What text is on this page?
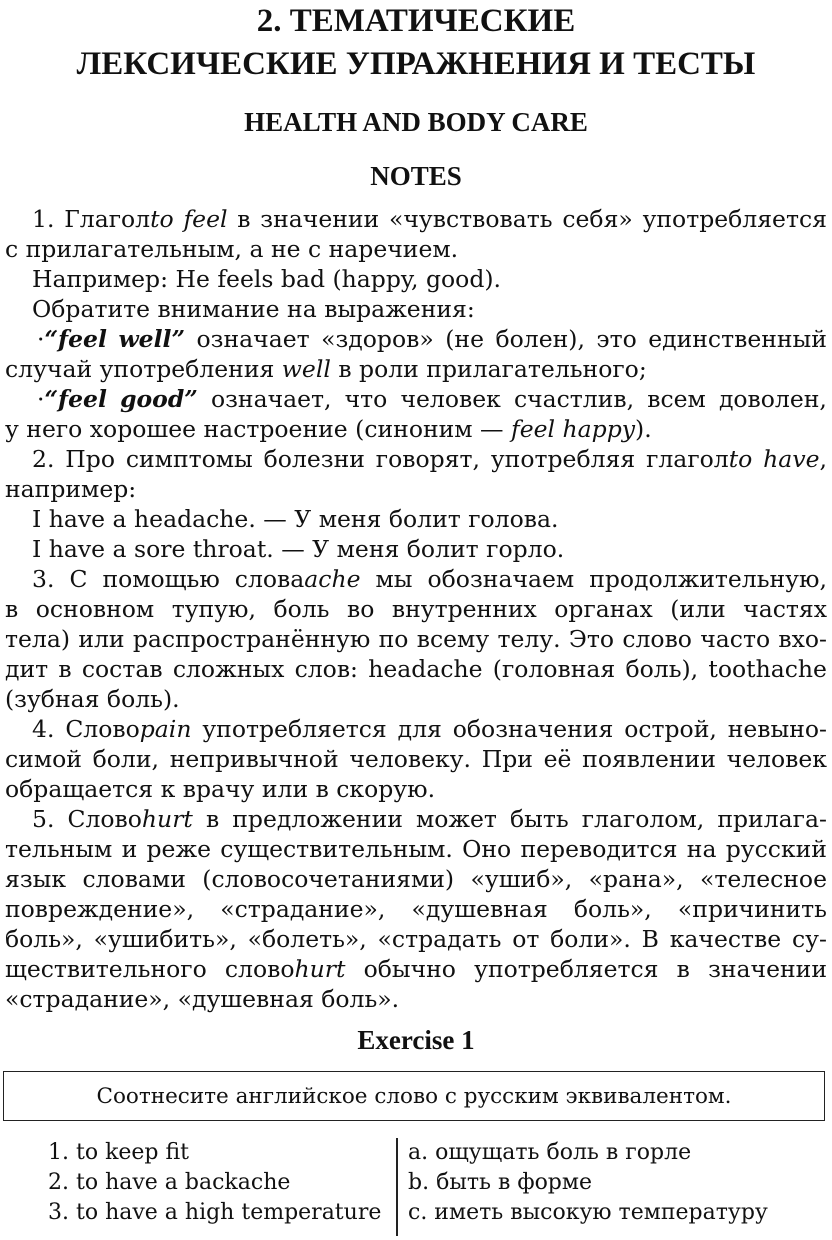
2. ТЕМАТИЧЕСКИЕ
ЛЕКСИЧЕСКИЕ УПРАЖНЕНИЯ И ТЕСТЫ
HEALTH AND BODY CARE
NOTES
1. Глаголto feel в значении «чувствовать себя» употребляется
с прилагательным, а не с наречием.
Например: He feels bad (happy, good).
Обратите внимание на выражения:
·“feel well” означает «здоров» (не болен), это единственный
случай употребления well в роли прилагательного;
·“feel good” означает, что человек счастлив, всем доволен,
у него хорошее настроение (синоним — feel happy ).
2. Про симптомы болезни говорят, употребляя глаголto have,
например:
I have a headache. — У меня болит голова.
I have a sore throat. — У меня болит горло.
3. С помощью словаache мы обозначаем продолжительную,
в основном тупую, боль во внутренних органах (или частях
тела) или распространённую по всему телу. Это слово часто вхо-
дит в состав сложных слов: headache (головная боль), toothache
(зубная боль).
4. Словоpain употребляется для обозначения острой, невыно-
симой боли, непривычной человеку. При её появлении человек
обращается к врачу или в скорую.
5. Словоhurt в предложении может быть глаголом, прилага-
тельным и реже существительным. Оно переводится на русский
язык словами (словосочетаниями) «ушиб», «рана», «телесное
повреждение», «страдание», «душевная боль», «причинить
боль», «ушибить», «болеть», «страдать от боли». В качестве су-
ществительного словоhurt обычно употребляется в значении
«страдание», «душевная боль».
Exercise 1
Соотнесите английское слово с русским эквивалентом.
1. to keep fit
2. to have a backache
3. to have a high temperature
a. ощущать боль в горле
b. быть в форме
c. иметь высокую температуру
